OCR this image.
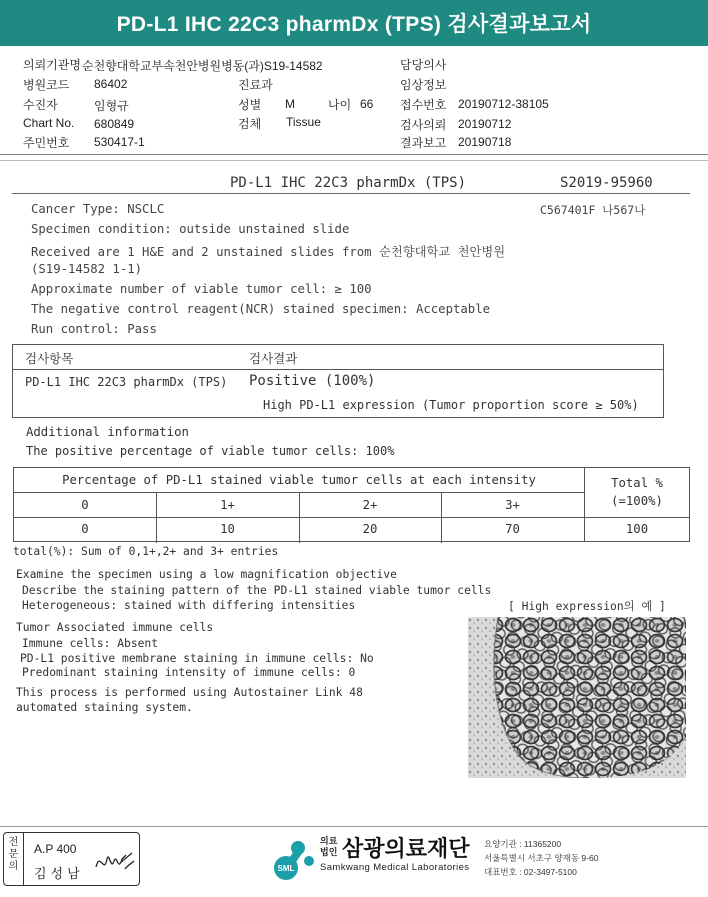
PD-L1 IHC 22C3 pharmDx (TPS) 검사결과보고서
의뢰기관명 순천향대학교부속천안병원병동(과)S19-14582
병원코드 86402
수진자	임형규
Chart No. 680849
주민번호 530417-1
진료과
성별 M	나이 66
검체 Tissue
담당의사
임상정보
접수번호 20190712-38105
검사의뢰 20190712
결과보고 20190718
PD-L1 IHC 22C3 pharmDx (TPS)	S2019-95960
C567401F 나567나
Cancer Type: NSCLC
Specimen condition: outside unstained slide
Received are 1 H&E and 2 unstained slides from 순천향대학교 천안병원
(S19-14582 1-1)
Approximate number of viable tumor cell: ≥ 100
The negative control reagent(NCR) stained specimen: Acceptable
Run control: Pass
검사항목	검사결과
PD-L1 IHC 22C3 pharmDx (TPS) Positive (100%)
High PD-L1 expression (Tumor proportion score ≥ 50%)
Additional information
The positive percentage of viable tumor cells: 100%
Percentage of PD-L1 stained viable tumor cells at each intensity	Total %
(=100%)
0	1+	2+	3+
0	10	20	70	100
total(%): Sum of 0,1+,2+ and 3+ entries
Examine the specimen using a low magnification objective
Describe the staining pattern of the PD-L1 stained viable tumor cells
Heterogeneous: stained with differing intensities	[ High expression의 예 ]
Tumor Associated immune cells
Immune cells: Absent
PD-L1 positive membrane staining in immune cells: No
Predominant staining intensity of immune cells: 0
This process is performed using Autostainer Link 48
automated staining system.
전문의
A.P 400
김성남	SML
의료 법인 삼광의료재단
Samkwang Medical Laboratories
요양기관 : 11365200
서울특별시 서초구 양재동 9-60
대표번호 : 02-3497-5100
